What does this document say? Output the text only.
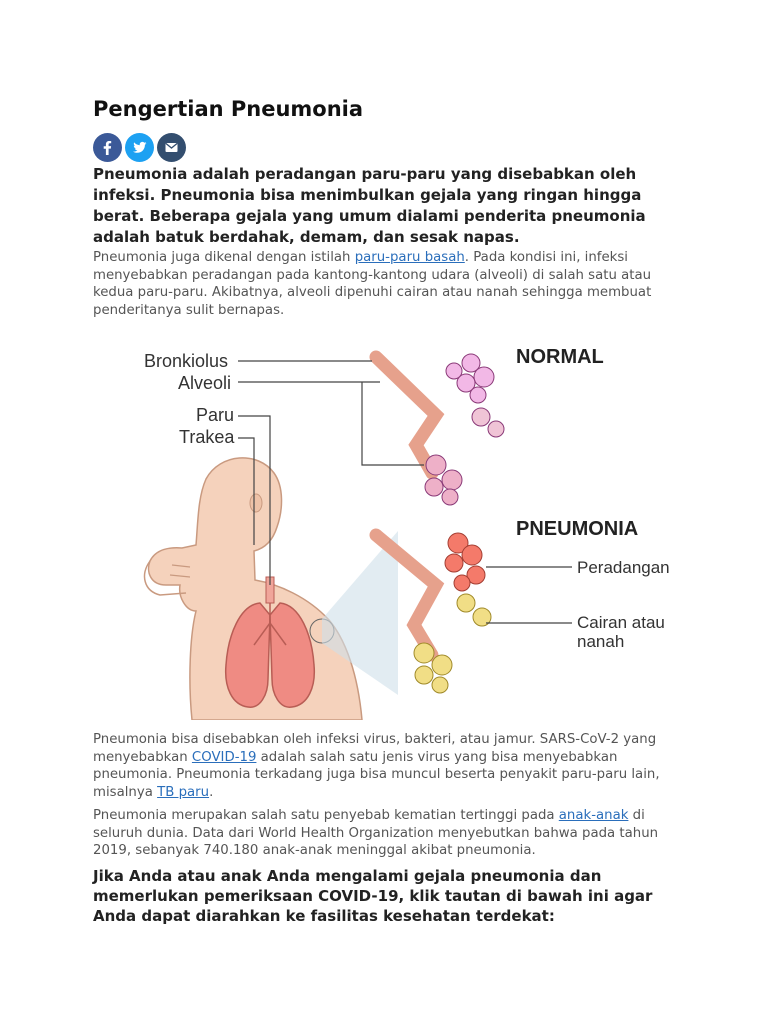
Pengertian Pneumonia

Pneumonia adalah peradangan paru-paru yang disebabkan oleh infeksi. Pneumonia bisa menimbulkan gejala yang ringan hingga berat. Beberapa gejala yang umum dialami penderita pneumonia adalah batuk berdahak, demam, dan sesak napas.

Pneumonia juga dikenal dengan istilah paru-paru basah. Pada kondisi ini, infeksi menyebabkan peradangan pada kantong-kantong udara (alveoli) di salah satu atau kedua paru-paru. Akibatnya, alveoli dipenuhi cairan atau nanah sehingga membuat penderitanya sulit bernapas.

Bronkiolus
Alveoli
Paru
Trakea
NORMAL
PNEUMONIA
Peradangan
Cairan atau
nanah

Pneumonia bisa disebabkan oleh infeksi virus, bakteri, atau jamur. SARS-CoV-2 yang menyebabkan COVID-19 adalah salah satu jenis virus yang bisa menyebabkan pneumonia. Pneumonia terkadang juga bisa muncul beserta penyakit paru-paru lain, misalnya TB paru.

Pneumonia merupakan salah satu penyebab kematian tertinggi pada anak-anak di seluruh dunia. Data dari World Health Organization menyebutkan bahwa pada tahun 2019, sebanyak 740.180 anak-anak meninggal akibat pneumonia.

Jika Anda atau anak Anda mengalami gejala pneumonia dan memerlukan pemeriksaan COVID-19, klik tautan di bawah ini agar Anda dapat diarahkan ke fasilitas kesehatan terdekat:
